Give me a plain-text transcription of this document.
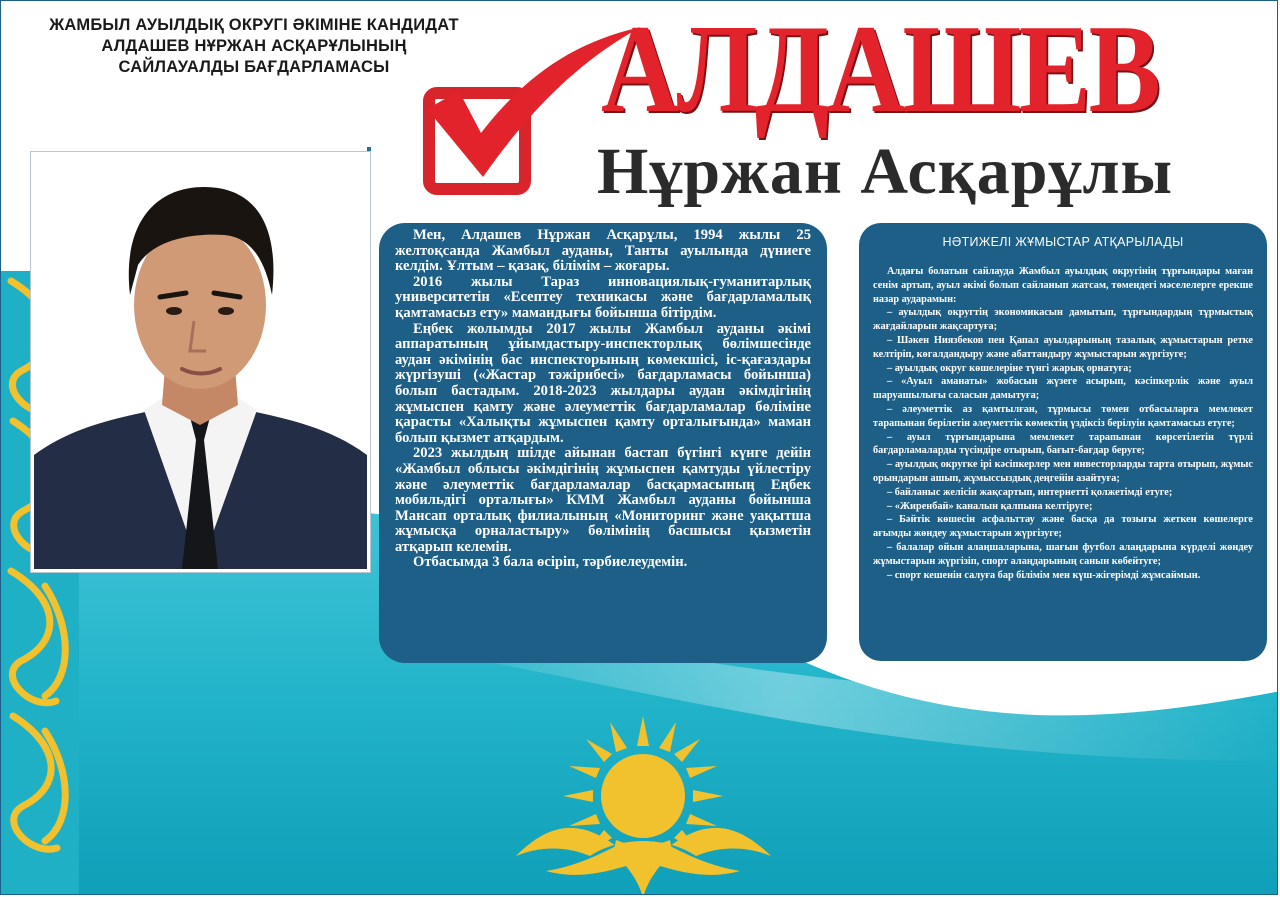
ЖАМБЫЛ АУЫЛДЫҚ ОКРУГІ ӘКІМІНЕ КАНДИДАТ
АЛДАШЕВ НҰРЖАН АСҚАРҰЛЫНЫҢ
САЙЛАУАЛДЫ БАҒДАРЛАМАСЫ	АЛДАШЕВ
Нұржан Асқарұлы

Мен, Алдашев Нұржан Асқарұлы, 1994 жылы 25 желтоқсанда Жамбыл ауданы, Танты ауылында дүниеге келдім. Ұлтым – қазақ, білімім – жоғары.

2016 жылы Тараз инновациялық-гуманитарлық университетін «Есептеу техникасы және бағдарламалық қамтамасыз ету» мамандығы бойынша бітірдім.

Еңбек жолымды 2017 жылы Жамбыл ауданы әкімі аппаратының ұйымдастыру-инспекторлық бөлімшесінде аудан әкімінің бас инспекторының көмекшісі, іс-қағаздары жүргізуші («Жастар тәжірибесі» бағдарламасы бойынша) болып бастадым. 2018-2023 жылдары аудан әкімдігінің жұмыспен қамту және әлеуметтік бағдарламалар бөліміне қарасты «Халықты жұмыспен қамту орталығында» маман болып қызмет атқардым.

2023 жылдың шілде айынан бастап бүгінгі күнге дейін «Жамбыл облысы әкімдігінің жұмыспен қамтуды үйлестіру және әлеуметтік бағдарламалар басқармасының Еңбек мобильдігі орталығы» КММ Жамбыл ауданы бойынша Мансап орталық филиалының «Мониторинг және уақытша жұмысқа орналастыру» бөлімінің басшысы қызметін атқарып келемін.

Отбасымда 3 бала өсіріп, тәрбиелеудемін.

НӘТИЖЕЛІ ЖҰМЫСТАР АТҚАРЫЛАДЫ

Алдағы болатын сайлауда Жамбыл ауылдық округінің тұрғындары маған сенім артып, ауыл әкімі болып сайланып жатсам, төмендегі мәселелерге ерекше назар аударамын:

– ауылдық округтің экономикасын дамытып, тұрғындардың тұрмыстық жағдайларын жақсартуға;

– Шәкен Ниязбеков пен Қапал ауылдарының тазалық жұмыстарын ретке келтіріп, көгалдандыру және абаттандыру жұмыстарын жүргізуге;

– ауылдық округ көшелеріне түнгі жарық орнатуға;

– «Ауыл аманаты» жобасын жүзеге асырып, кәсіпкерлік және ауыл шаруашылығы саласын дамытуға;

– әлеуметтік аз қамтылған, тұрмысы төмен отбасыларға мемлекет тарапынан берілетін әлеуметтік көмектің үздіксіз берілуін қамтамасыз етуге;

– ауыл тұрғындарына мемлекет тарапынан көрсетілетін түрлі бағдарламаларды түсіндіре отырып, бағыт-бағдар беруге;

– ауылдық округке ірі кәсіпкерлер мен инвесторларды тарта отырып, жұмыс орындарын ашып, жұмыссыздық деңгейін азайтуға;

– байланыс желісін жақсартып, интернетті қолжетімді етуге;

– «Жиренбай» каналын қалпына келтіруге;

– Бәйтік көшесін асфальттау және басқа да тозығы жеткен көшелерге ағымды жөндеу жұмыстарын жүргізуге;

– балалар ойын алаңшаларына, шағын футбол алаңдарына күрделі жөндеу жұмыстарын жүргізіп, спорт алаңдарының санын көбейтуге;

– спорт кешенін салуға бар білімім мен күш-жігерімді жұмсаймын.
